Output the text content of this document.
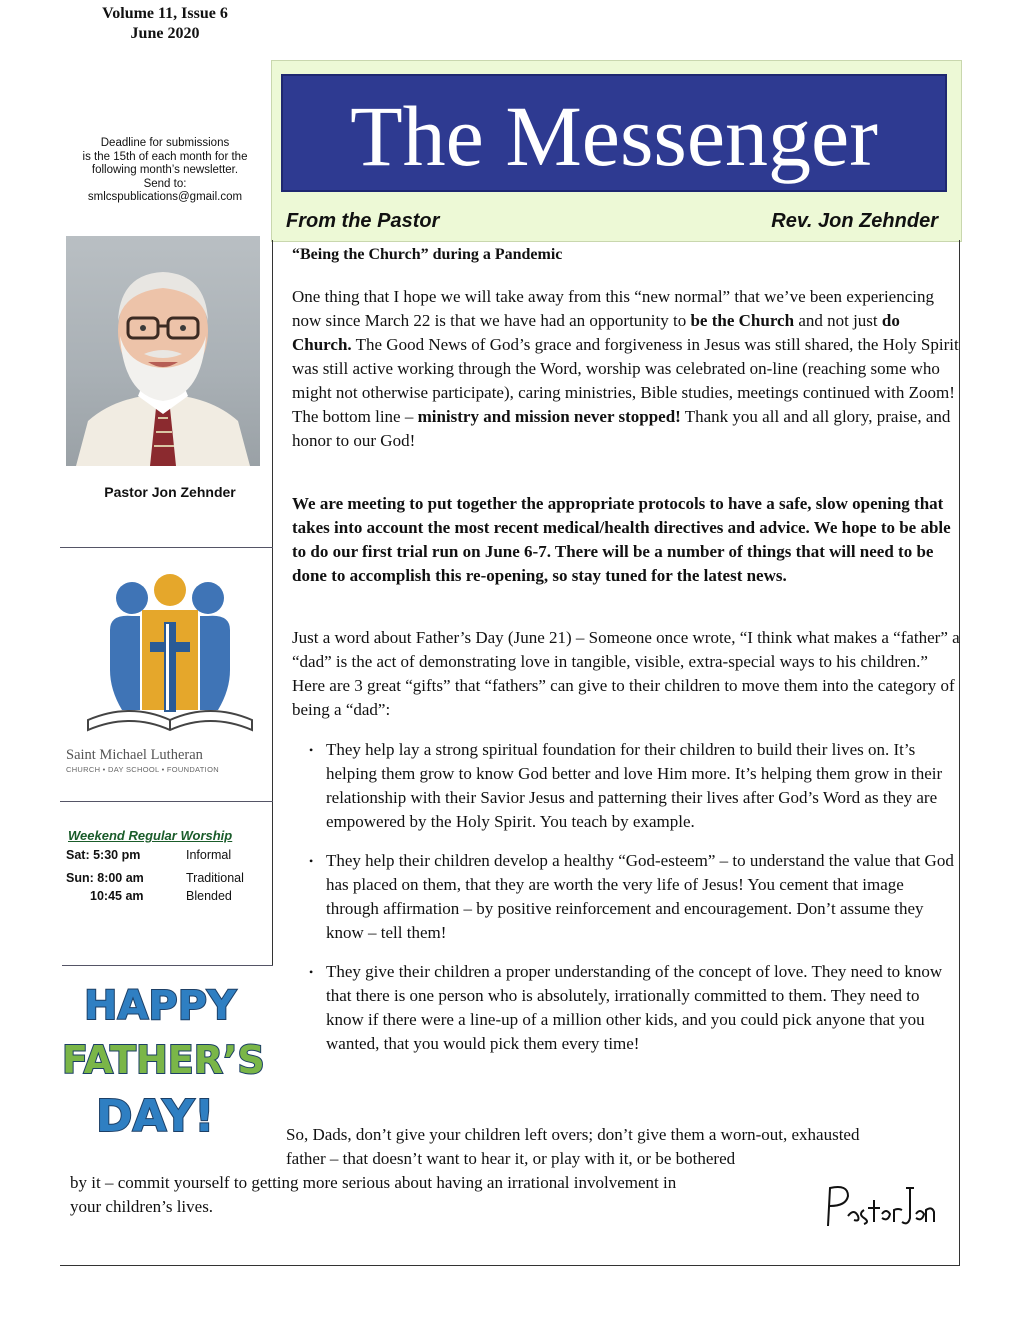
Volume 11, Issue 6
June 2020
Deadline for submissions
is the 15th of each month for the
following month’s newsletter.
Send to:
smlcspublications@gmail.com
The Messenger
From the Pastor	Rev. Jon Zehnder
Pastor Jon Zehnder
Saint Michael Lutheran
CHURCH • DAY SCHOOL • FOUNDATION
Weekend Regular Worship
Sat: 5:30 pm	Informal
Sun: 8:00 am	Traditional
10:45 am	Blended
HAPPY
FATHER’S
DAY!
“Being the Church” during a Pandemic
One thing that I hope we will take away from this “new normal” that we’ve been experiencing now since March 22 is that we have had an opportunity to be the Church and not just do Church. The Good News of God’s grace and forgiveness in Jesus was still shared, the Holy Spirit was still active working through the Word, worship was celebrated on-line (reaching some who might not otherwise participate), caring ministries, Bible studies, meetings continued with Zoom! The bottom line – ministry and mission never stopped! Thank you all and all glory, praise, and honor to our God!
We are meeting to put together the appropriate protocols to have a safe, slow opening that takes into account the most recent medical/health directives and advice. We hope to be able to do our first trial run on June 6-7. There will be a number of things that will need to be done to accomplish this re-opening, so stay tuned for the latest news.
Just a word about Father’s Day (June 21) – Someone once wrote, “I think what makes a “father” a “dad” is the act of demonstrating love in tangible, visible, extra-special ways to his children.” Here are 3 great “gifts” that “fathers” can give to their children to move them into the category of being a “dad”:
• They help lay a strong spiritual foundation for their children to build their lives on. It’s helping them grow to know God better and love Him more. It’s helping them grow in their relationship with their Savior Jesus and patterning their lives after God’s Word as they are empowered by the Holy Spirit. You teach by example.
• They help their children develop a healthy “God-esteem” – to understand the value that God has placed on them, that they are worth the very life of Jesus! You cement that image through affirmation – by positive reinforcement and encouragement. Don’t assume they know – tell them!
• They give their children a proper understanding of the concept of love. They need to know that there is one person who is absolutely, irrationally committed to them. They need to know if there were a line-up of a million other kids, and you could pick anyone that you wanted, that you would pick them every time!
So, Dads, don’t give your children left overs; don’t give them a worn-out, exhausted
father – that doesn’t want to hear it, or play with it, or be bothered
by it – commit yourself to getting more serious about having an irrational involvement in
your children’s lives.
